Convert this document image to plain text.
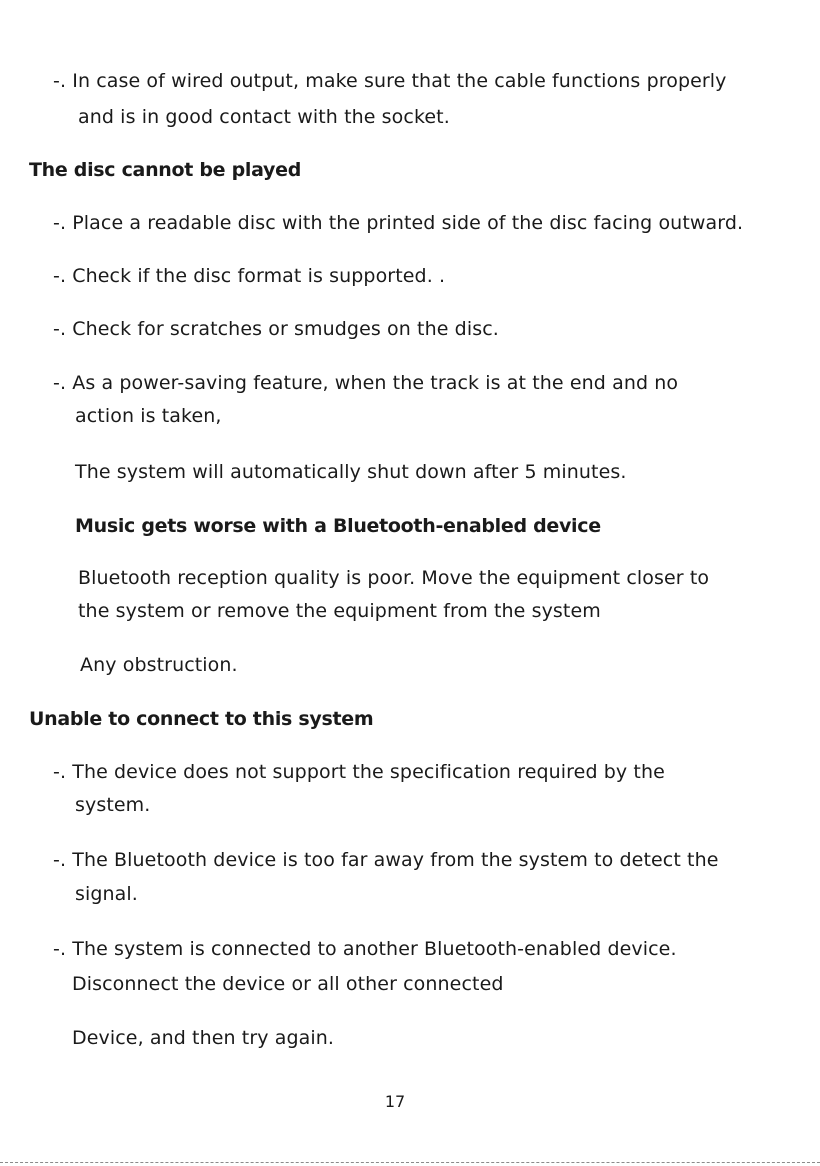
-. In case of wired output, make sure that the cable functions properly
and is in good contact with the socket.
The disc cannot be played
-. Place a readable disc with the printed side of the disc facing outward.
-. Check if the disc format is supported. .
-. Check for scratches or smudges on the disc.
-. As a power-saving feature, when the track is at the end and no
action is taken,
The system will automatically shut down after 5 minutes.
Music gets worse with a Bluetooth-enabled device
Bluetooth reception quality is poor. Move the equipment closer to
the system or remove the equipment from the system
Any obstruction.
Unable to connect to this system
-. The device does not support the specification required by the
system.
-. The Bluetooth device is too far away from the system to detect the
signal.
-. The system is connected to another Bluetooth-enabled device.
Disconnect the device or all other connected
Device, and then try again.
17
